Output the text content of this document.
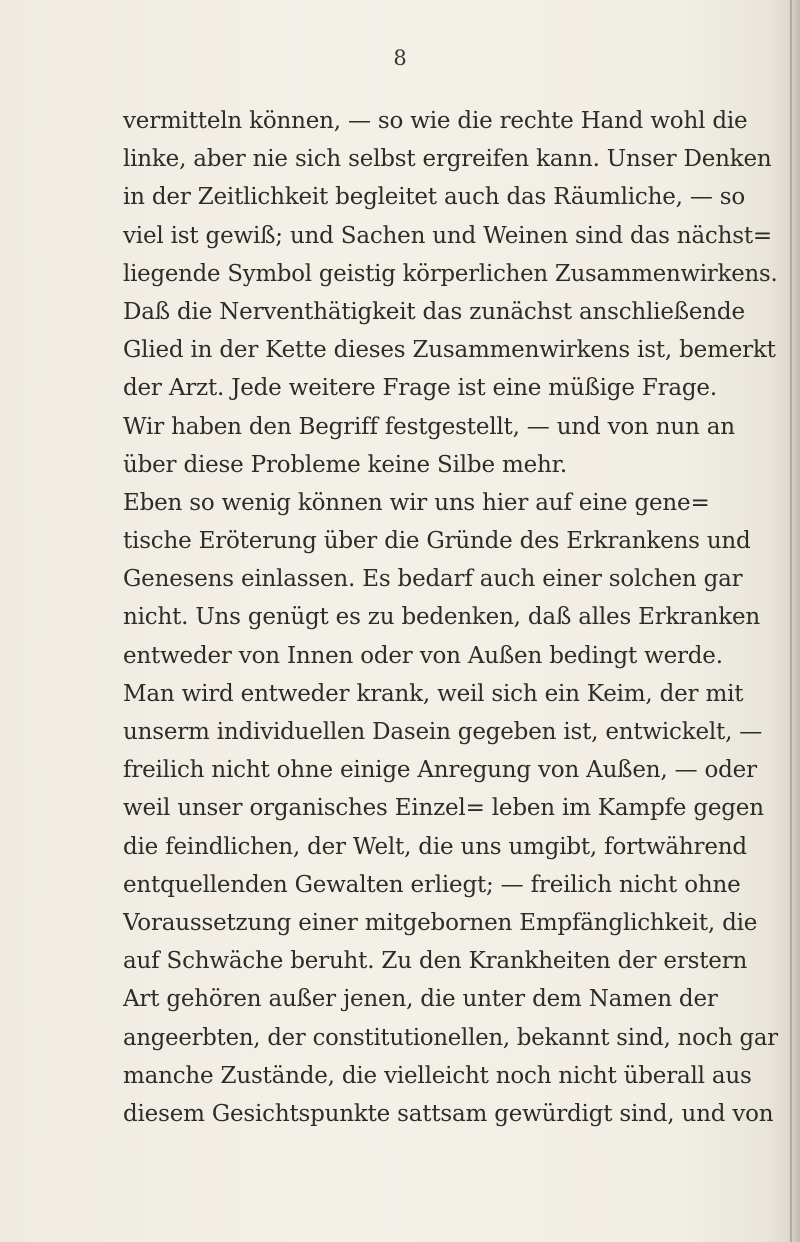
8
vermitteln können, — so wie die rechte Hand wohl die
linke, aber nie sich selbst ergreifen kann. Unser Denken
in der Zeitlichkeit begleitet auch das Räumliche, — so
viel ist gewiß; und Sachen und Weinen sind das nächst=
liegende Symbol geistig körperlichen Zusammenwirkens.
Daß die Nerventhätigkeit das zunächst anschließende
Glied in der Kette dieses Zusammenwirkens ist, bemerkt
der Arzt. Jede weitere Frage ist eine müßige Frage.
Wir haben den Begriff festgestellt, — und von nun an
über diese Probleme keine Silbe mehr.
Eben so wenig können wir uns hier auf eine gene=
tische Eröterung über die Gründe des Erkrankens und
Genesens einlassen. Es bedarf auch einer solchen gar
nicht. Uns genügt es zu bedenken, daß alles Erkranken
entweder von Innen oder von Außen bedingt werde.
Man wird entweder krank, weil sich ein Keim, der mit
unserm individuellen Dasein gegeben ist, entwickelt, —
freilich nicht ohne einige Anregung von Außen, — oder
weil unser organisches Einzel= leben im Kampfe gegen
die feindlichen, der Welt, die uns umgibt, fortwährend
entquellenden Gewalten erliegt; — freilich nicht ohne
Voraussetzung einer mitgebornen Empfänglichkeit, die
auf Schwäche beruht. Zu den Krankheiten der erstern
Art gehören außer jenen, die unter dem Namen der
angeerbten, der constitutionellen, bekannt sind, noch gar
manche Zustände, die vielleicht noch nicht überall aus
diesem Gesichtspunkte sattsam gewürdigt sind, und von
